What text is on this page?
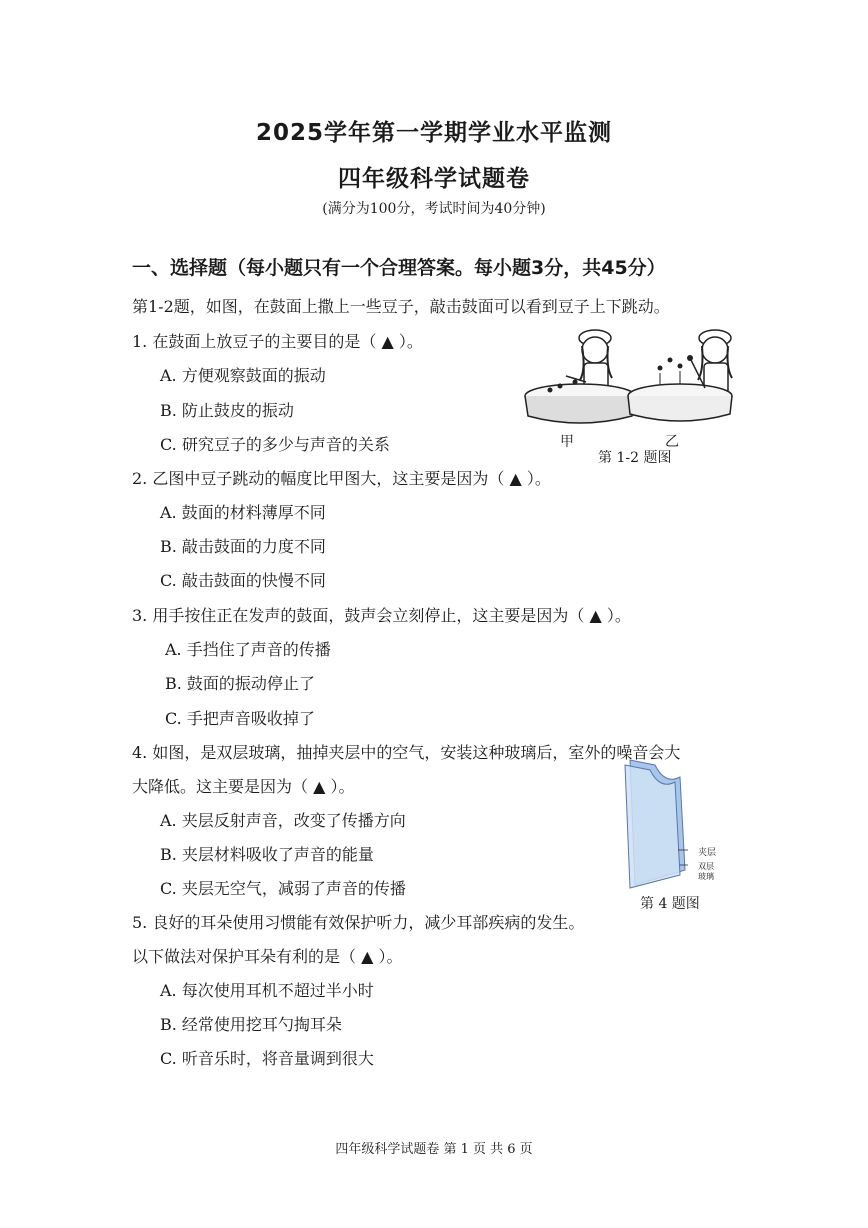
2025学年第一学期学业水平监测
四年级科学试题卷
(满分为100分，考试时间为40分钟)
一、选择题（每小题只有一个合理答案。每小题3分，共45分）
第1-2题，如图，在鼓面上撒上一些豆子，敲击鼓面可以看到豆子上下跳动。
1. 在鼓面上放豆子的主要目的是（ ▲ ）。
A. 方便观察鼓面的振动
B. 防止鼓皮的振动
C. 研究豆子的多少与声音的关系	甲	乙
第 1-2 题图
2. 乙图中豆子跳动的幅度比甲图大，这主要是因为（ ▲ ）。
A. 鼓面的材料薄厚不同
B. 敲击鼓面的力度不同
C. 敲击鼓面的快慢不同
3. 用手按住正在发声的鼓面，鼓声会立刻停止，这主要是因为（ ▲ ）。
A. 手挡住了声音的传播
B. 鼓面的振动停止了
C. 手把声音吸收掉了
4. 如图，是双层玻璃，抽掉夹层中的空气，安装这种玻璃后，室外的噪音会大
大降低。这主要是因为（ ▲ ）。
A. 夹层反射声音，改变了传播方向
B. 夹层材料吸收了声音的能量
C. 夹层无空气，减弱了声音的传播
夹层
双层玻璃
第 4 题图
5. 良好的耳朵使用习惯能有效保护听力，减少耳部疾病的发生。
以下做法对保护耳朵有利的是（ ▲ ）。
A. 每次使用耳机不超过半小时
B. 经常使用挖耳勺掏耳朵
C. 听音乐时，将音量调到很大
四年级科学试题卷 第 1 页 共 6 页
